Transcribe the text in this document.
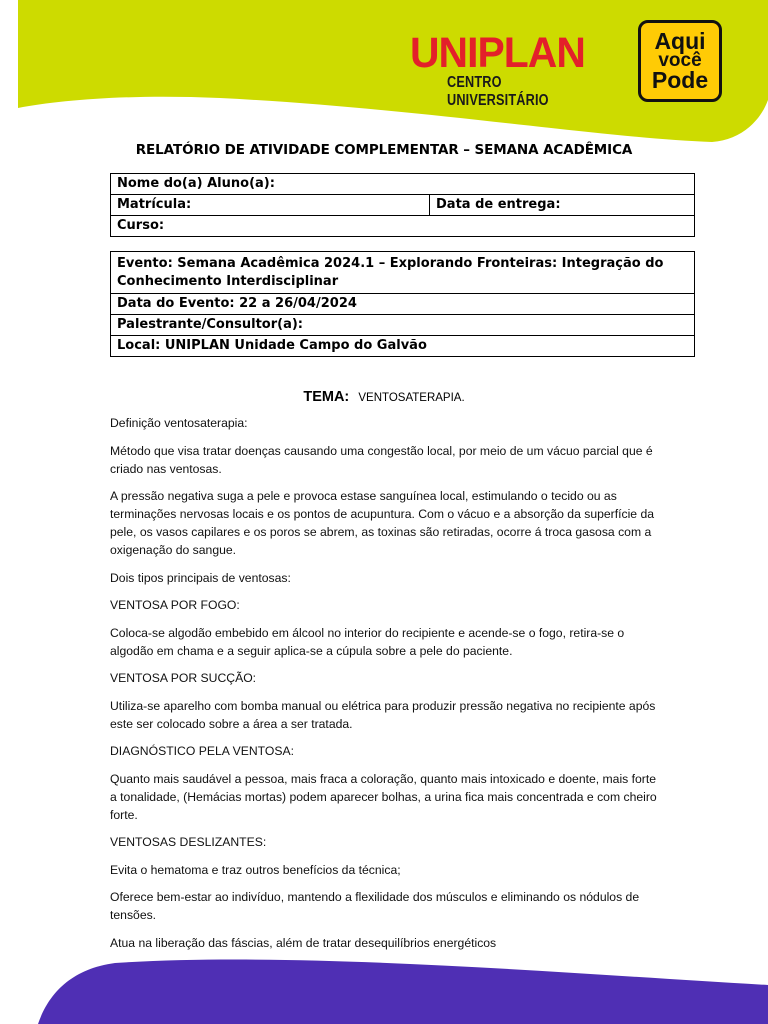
UNIPLAN
CENTRO UNIVERSITÁRIO
Aqui
você
Pode
RELATÓRIO DE ATIVIDADE COMPLEMENTAR – SEMANA ACADÊMICA
Nome do(a) Aluno(a):
Matrícula:	Data de entrega:
Curso:
Evento: Semana Acadêmica 2024.1 – Explorando Fronteiras: Integração do Conhecimento Interdisciplinar
Data do Evento: 22 a 26/04/2024
Palestrante/Consultor(a):
Local: UNIPLAN Unidade Campo do Galvão
TEMA: VENTOSATERAPIA.

Definição ventosaterapia:

Método que visa tratar doenças causando uma congestão local, por meio de um vácuo parcial que é criado nas ventosas.

A pressão negativa suga a pele e provoca estase sanguínea local, estimulando o tecido ou as terminações nervosas locais e os pontos de acupuntura. Com o vácuo e a absorção da superfície da pele, os vasos capilares e os poros se abrem, as toxinas são retiradas, ocorre á troca gasosa com a oxigenação do sangue.

Dois tipos principais de ventosas:

VENTOSA POR FOGO:

Coloca-se algodão embebido em álcool no interior do recipiente e acende-se o fogo, retira-se o algodão em chama e a seguir aplica-se a cúpula sobre a pele do paciente.

VENTOSA POR SUCÇÃO:

Utiliza-se aparelho com bomba manual ou elétrica para produzir pressão negativa no recipiente após este ser colocado sobre a área a ser tratada.

DIAGNÓSTICO PELA VENTOSA:

Quanto mais saudável a pessoa, mais fraca a coloração, quanto mais intoxicado e doente, mais forte a tonalidade, (Hemácias mortas) podem aparecer bolhas, a urina fica mais concentrada e com cheiro forte.

VENTOSAS DESLIZANTES:

Evita o hematoma e traz outros benefícios da técnica;

Oferece bem-estar ao indivíduo, mantendo a flexilidade dos músculos e eliminando os nódulos de tensões.

Atua na liberação das fáscias, além de tratar desequilíbrios energéticos
